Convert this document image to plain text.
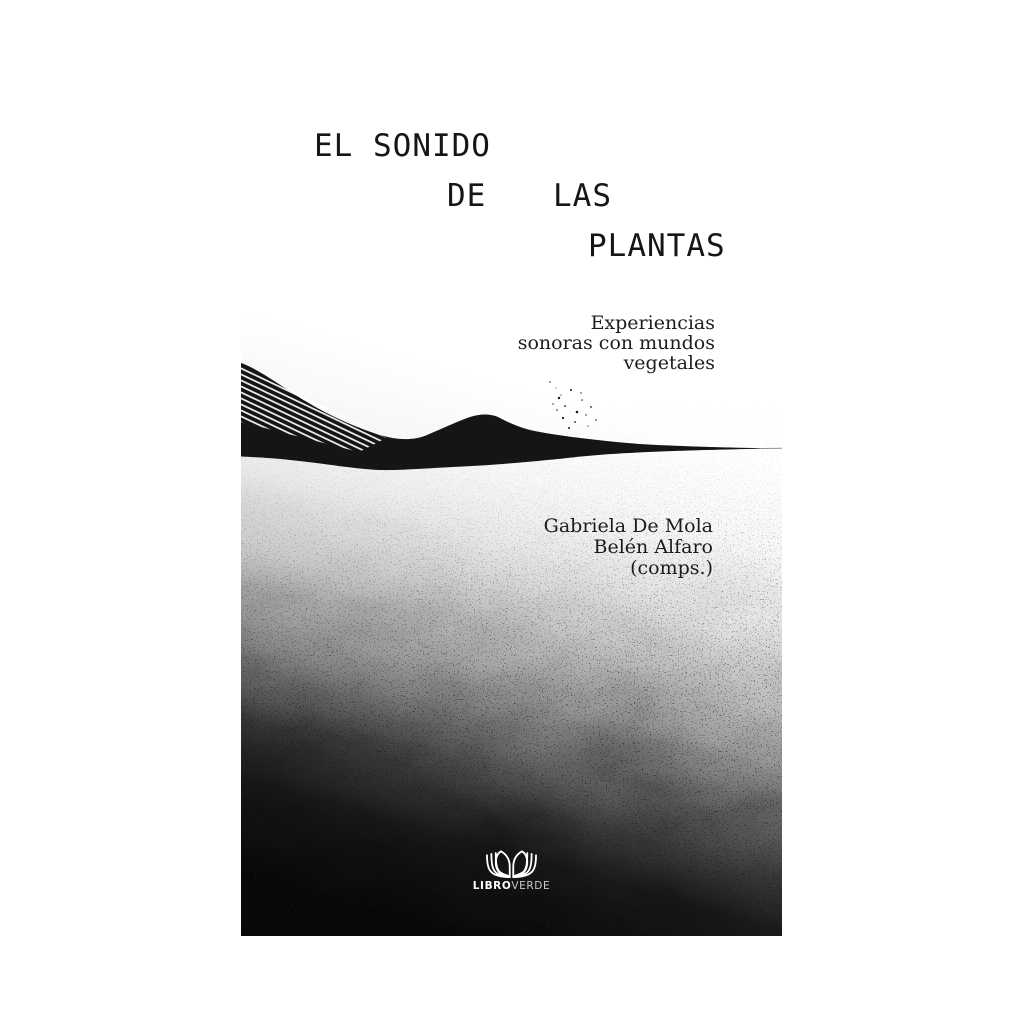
EL SONIDO
DE LAS
PLANTAS
Experiencias
sonoras con mundos
vegetales
Gabriela De Mola
Belén Alfaro
(comps.)
LIBROVERDE
